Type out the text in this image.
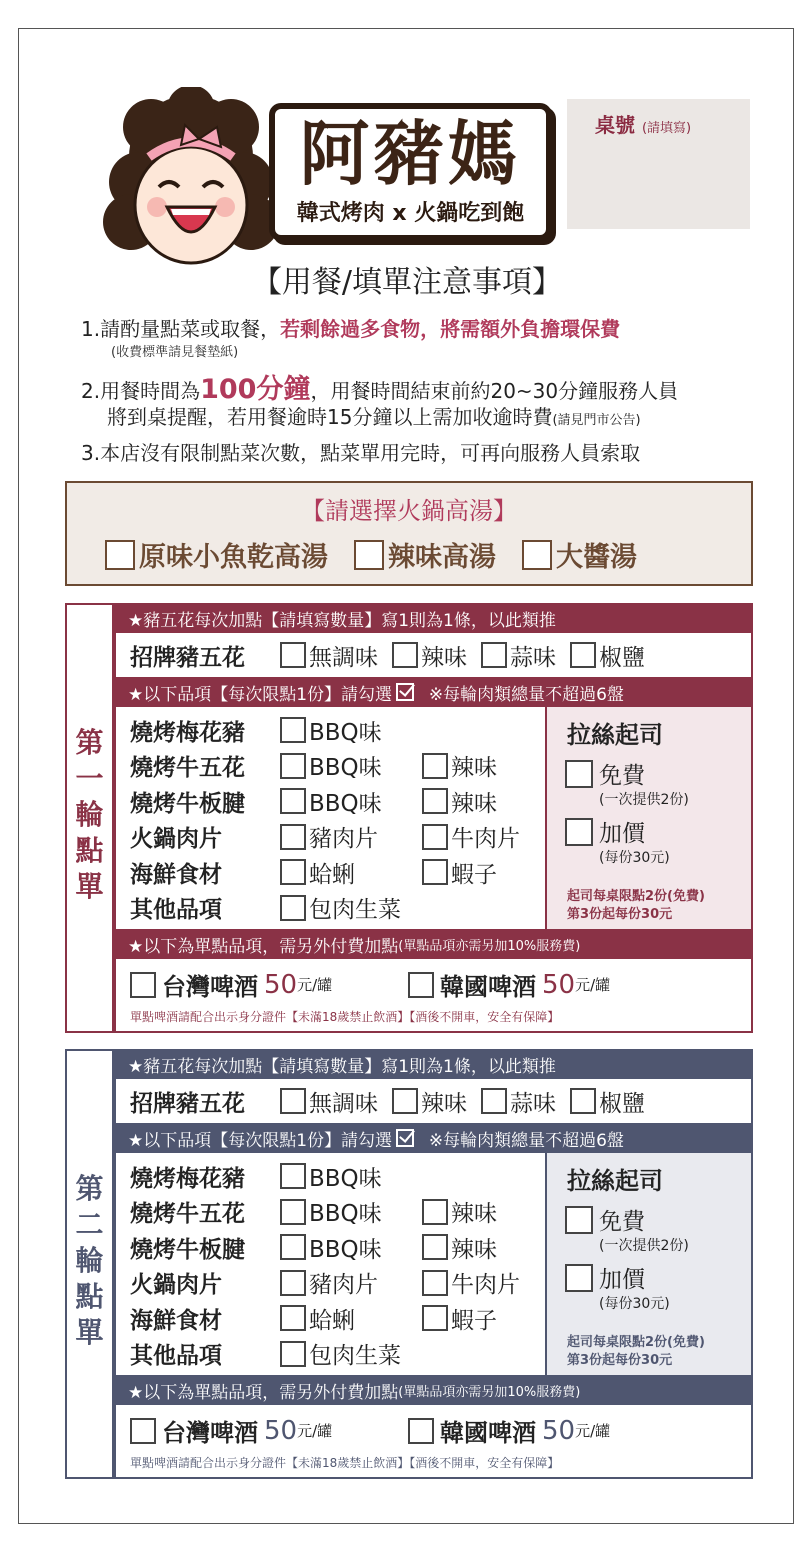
阿豬媽
韓式烤肉 x 火鍋吃到飽
桌號 (請填寫)
【用餐/填單注意事項】
1.請酌量點菜或取餐，若剩餘過多食物，將需額外負擔環保費
(收費標準請見餐墊紙)
2.用餐時間為100分鐘，用餐時間結束前約20~30分鐘服務人員
將到桌提醒，若用餐逾時15分鐘以上需加收逾時費(請見門市公告)
3.本店沒有限制點菜次數，點菜單用完時，可再向服務人員索取
【請選擇火鍋高湯】
原味小魚乾高湯 辣味高湯 大醬湯
第
一
輪
點
單
★豬五花每次加點【請填寫數量】寫1則為1條，以此類推
招牌豬五花	無調味 辣味 蒜味 椒鹽
★以下品項【每次限點1份】請勾選
※每輪肉類總量不超過6盤
燒烤梅花豬	BBQ味
燒烤牛五花	BBQ味	辣味
燒烤牛板腱	BBQ味	辣味
火鍋肉片	豬肉片	牛肉片
海鮮食材	蛤蜊	蝦子
其他品項	包肉生菜
拉絲起司
免費
(一次提供2份)
加價
(每份30元)
起司每桌限點2份(免費)
第3份起每份30元
★以下為單點品項，需另外付費加點 (單點品項亦需另加10%服務費)
台灣啤酒 50 元/罐	韓國啤酒 50 元/罐
單點啤酒請配合出示身分證件【未滿18歲禁止飲酒】【酒後不開車，安全有保障】
第
二
輪
點
單
★豬五花每次加點【請填寫數量】寫1則為1條，以此類推
招牌豬五花	無調味 辣味 蒜味 椒鹽
★以下品項【每次限點1份】請勾選
※每輪肉類總量不超過6盤
燒烤梅花豬	BBQ味
燒烤牛五花	BBQ味	辣味
燒烤牛板腱	BBQ味	辣味
火鍋肉片	豬肉片	牛肉片
海鮮食材	蛤蜊	蝦子
其他品項	包肉生菜
拉絲起司
免費
(一次提供2份)
加價
(每份30元)
起司每桌限點2份(免費)
第3份起每份30元
★以下為單點品項，需另外付費加點 (單點品項亦需另加10%服務費)
台灣啤酒 50 元/罐	韓國啤酒 50 元/罐
單點啤酒請配合出示身分證件【未滿18歲禁止飲酒】【酒後不開車，安全有保障】
